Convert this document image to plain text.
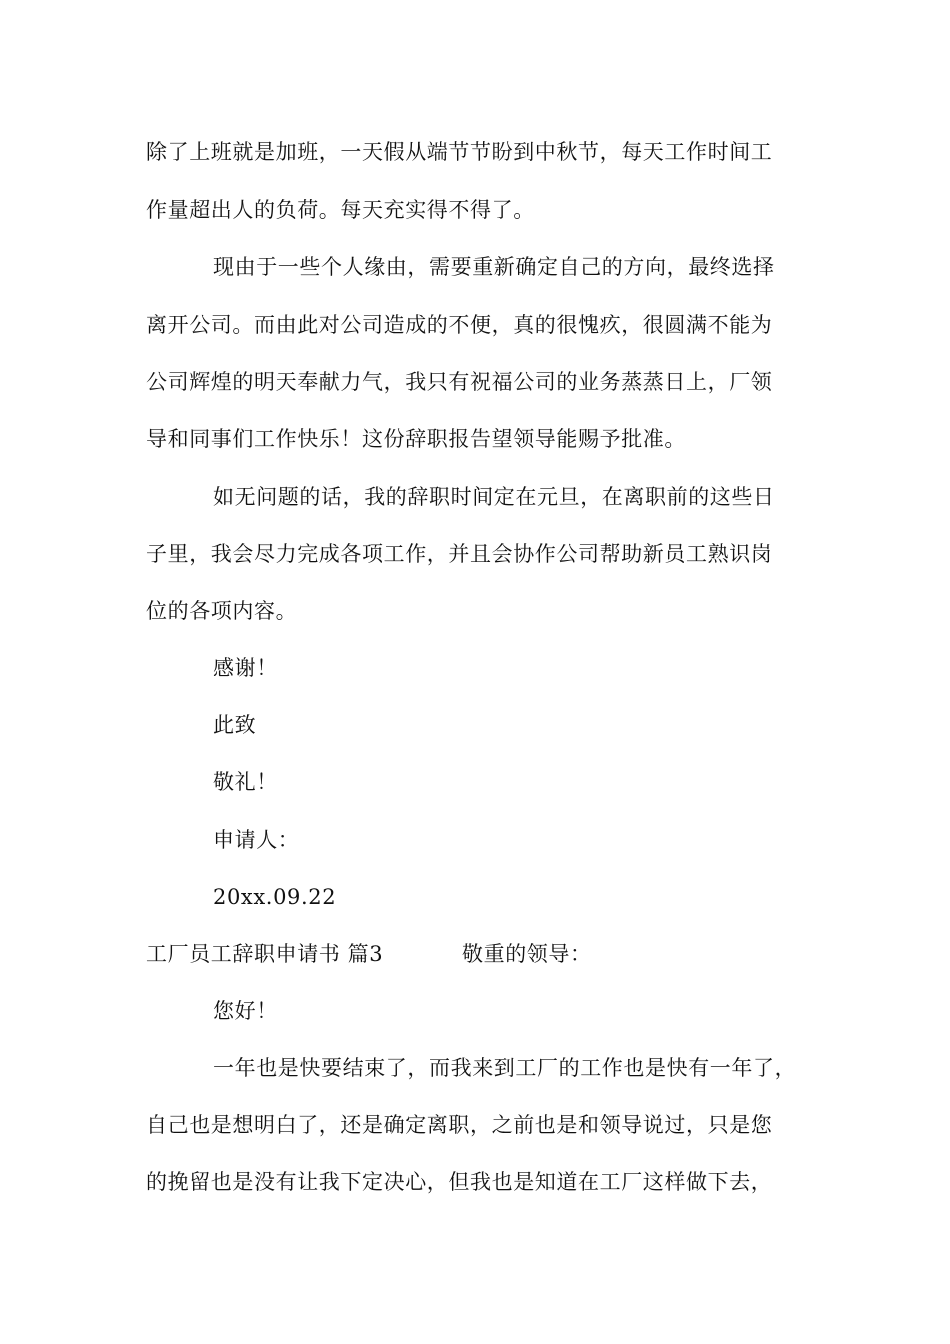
除了上班就是加班，一天假从端节节盼到中秋节，每天工作时间工
作量超出人的负荷。每天充实得不得了。
现由于一些个人缘由，需要重新确定自己的方向，最终选择
离开公司。而由此对公司造成的不便，真的很愧疚，很圆满不能为
公司辉煌的明天奉献力气，我只有祝福公司的业务蒸蒸日上，厂领
导和同事们工作快乐！这份辞职报告望领导能赐予批准。
如无问题的话，我的辞职时间定在元旦，在离职前的这些日
子里，我会尽力完成各项工作，并且会协作公司帮助新员工熟识岗
位的各项内容。
感谢！
此致
敬礼！
申请人：
20xx.09.22
工厂员工辞职申请书 篇3	敬重的领导：
您好！
一年也是快要结束了，而我来到工厂的工作也是快有一年了，
自己也是想明白了，还是确定离职，之前也是和领导说过，只是您
的挽留也是没有让我下定决心，但我也是知道在工厂这样做下去，
